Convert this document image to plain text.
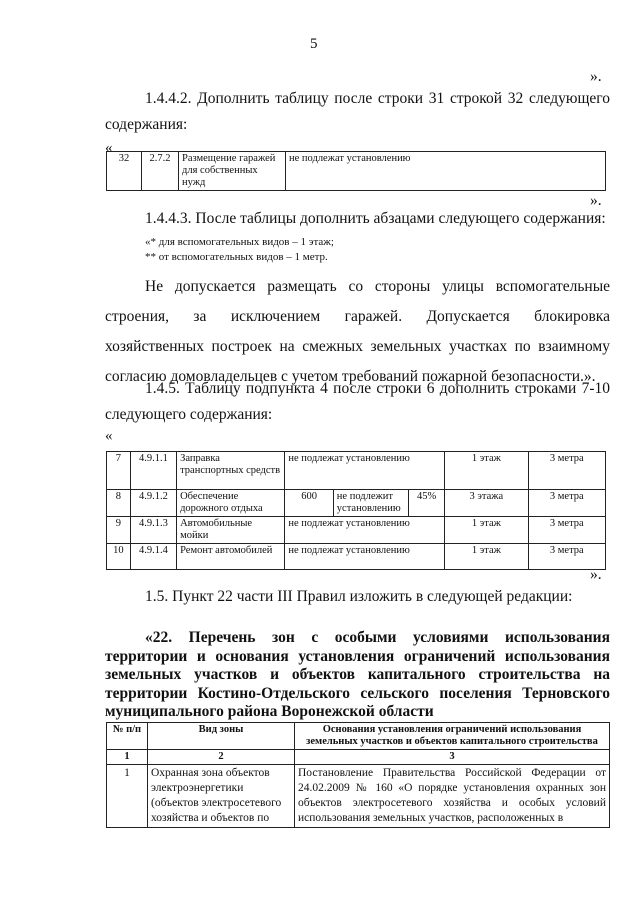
5
».
1.4.4.2. Дополнить таблицу после строки 31 строкой 32 следующего содержания:
«
32	2.7.2	Размещение гаражей для собственных нужд	не подлежат установлению
».
1.4.4.3. После таблицы дополнить абзацами следующего содержания:
«* для вспомогательных видов – 1 этаж;
** от вспомогательных видов – 1 метр.
Не допускается размещать со стороны улицы вспомогательные строения, за исключением гаражей. Допускается блокировка хозяйственных построек на смежных земельных участках по взаимному согласию домовладельцев с учетом требований пожарной безопасности.».
1.4.5. Таблицу подпункта 4 после строки 6 дополнить строками 7-10 следующего содержания:
«
7	4.9.1.1	Заправка транспортных средств	не подлежат установлению			1 этаж	3 метра
8	4.9.1.2	Обеспечение дорожного отдыха	600	не подлежит установлению	45%	3 этажа	3 метра
9	4.9.1.3	Автомобильные мойки	не подлежат установлению			1 этаж	3 метра
10	4.9.1.4	Ремонт автомобилей	не подлежат установлению			1 этаж	3 метра
».
1.5. Пункт 22 части III Правил изложить в следующей редакции:
«22. Перечень зон с особыми условиями использования территории и основания установления ограничений использования земельных участков и объектов капитального строительства на территории Костино-Отдельского сельского поселения Терновского муниципального района Воронежской области
№ п/п	Вид зоны	Основания установления ограничений использования земельных участков и объектов капитального строительства
1	2	3
1	Охранная зона объектов электроэнергетики (объектов электросетевого хозяйства и объектов по	Постановление Правительства Российской Федерации от 24.02.2009 № 160 «О порядке установления охранных зон объектов электросетевого хозяйства и особых условий использования земельных участков, расположенных в
